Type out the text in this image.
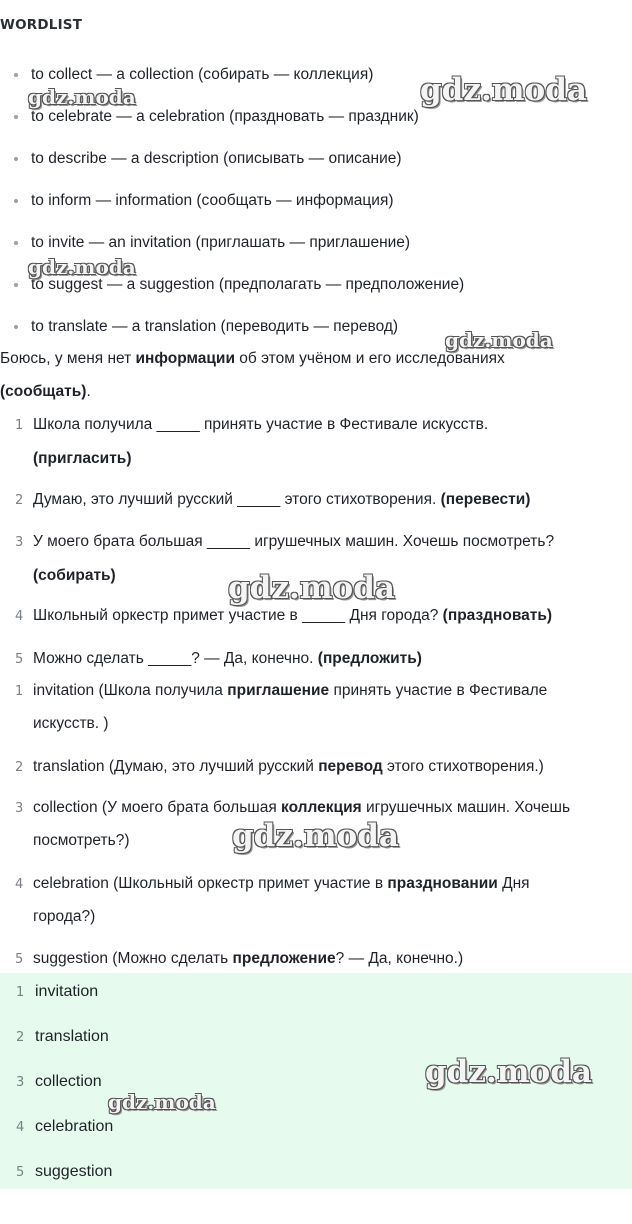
WORDLIST
to collect — a collection (собирать — коллекция)
to celebrate — a celebration (праздновать — праздник)
to describe — a description (описывать — описание)
to inform — information (сообщать — информация)
to invite — an invitation (приглашать — приглашение)
to suggest — a suggestion (предполагать — предположение)
to translate — a translation (переводить — перевод)
Боюсь, у меня нет информации об этом учёном и его исследованиях
(сообщать).
1 Школа получила _____ принять участие в Фестивале искусств.
(пригласить)
2 Думаю, это лучший русский _____ этого стихотворения. (перевести)
3 У моего брата большая _____ игрушечных машин. Хочешь посмотреть?
(собирать)
4 Школьный оркестр примет участие в _____ Дня города? (праздновать)
5 Можно сделать _____? — Да, конечно. (предложить)
1 invitation (Школа получила приглашение принять участие в Фестивале
искусств. )
2 translation (Думаю, это лучший русский перевод этого стихотворения.)
3 collection (У моего брата большая коллекция игрушечных машин. Хочешь
посмотреть?)
4 celebration (Школьный оркестр примет участие в праздновании Дня
города?)
5 suggestion (Можно сделать предложение? — Да, конечно.)
1 invitation
2 translation
3 collection
4 celebration
5 suggestion
gdz.moda	gdz.moda
gdz.moda
gdz.moda
gdz.moda
gdz.moda
gdz.moda
gdz.moda
